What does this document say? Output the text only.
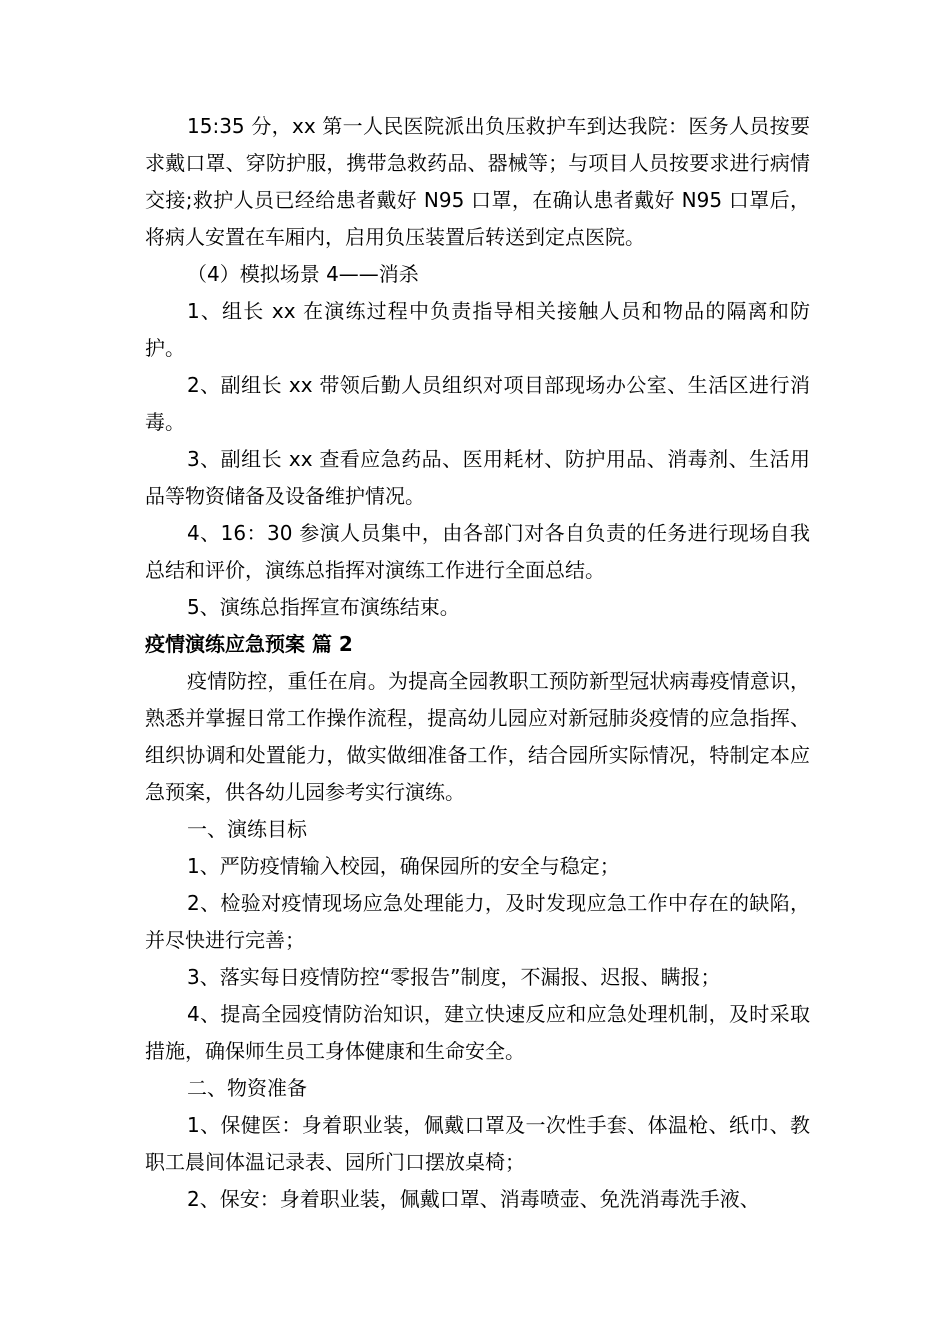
15:35 分，xx 第一人民医院派出负压救护车到达我院：医务人员按要求戴口罩、穿防护服，携带急救药品、器械等；与项目人员按要求进行病情交接;救护人员已经给患者戴好 N95 口罩，在确认患者戴好 N95 口罩后，将病人安置在车厢内，启用负压装置后转送到定点医院。

（4）模拟场景 4——消杀

1、组长 xx 在演练过程中负责指导相关接触人员和物品的隔离和防护。

2、副组长 xx 带领后勤人员组织对项目部现场办公室、生活区进行消毒。

3、副组长 xx 查看应急药品、医用耗材、防护用品、消毒剂、生活用品等物资储备及设备维护情况。

4、16：30 参演人员集中，由各部门对各自负责的任务进行现场自我总结和评价，演练总指挥对演练工作进行全面总结。

5、演练总指挥宣布演练结束。

疫情演练应急预案 篇 2

疫情防控，重任在肩。为提高全园教职工预防新型冠状病毒疫情意识，熟悉并掌握日常工作操作流程，提高幼儿园应对新冠肺炎疫情的应急指挥、组织协调和处置能力，做实做细准备工作，结合园所实际情况，特制定本应急预案，供各幼儿园参考实行演练。

一、演练目标

1、严防疫情输入校园，确保园所的安全与稳定；

2、检验对疫情现场应急处理能力，及时发现应急工作中存在的缺陷，并尽快进行完善；

3、落实每日疫情防控“零报告”制度，不漏报、迟报、瞒报；

4、提高全园疫情防治知识，建立快速反应和应急处理机制，及时采取措施，确保师生员工身体健康和生命安全。

二、物资准备

1、保健医：身着职业装，佩戴口罩及一次性手套、体温枪、纸巾、教职工晨间体温记录表、园所门口摆放桌椅；

2、保安：身着职业装，佩戴口罩、消毒喷壶、免洗消毒洗手液、
